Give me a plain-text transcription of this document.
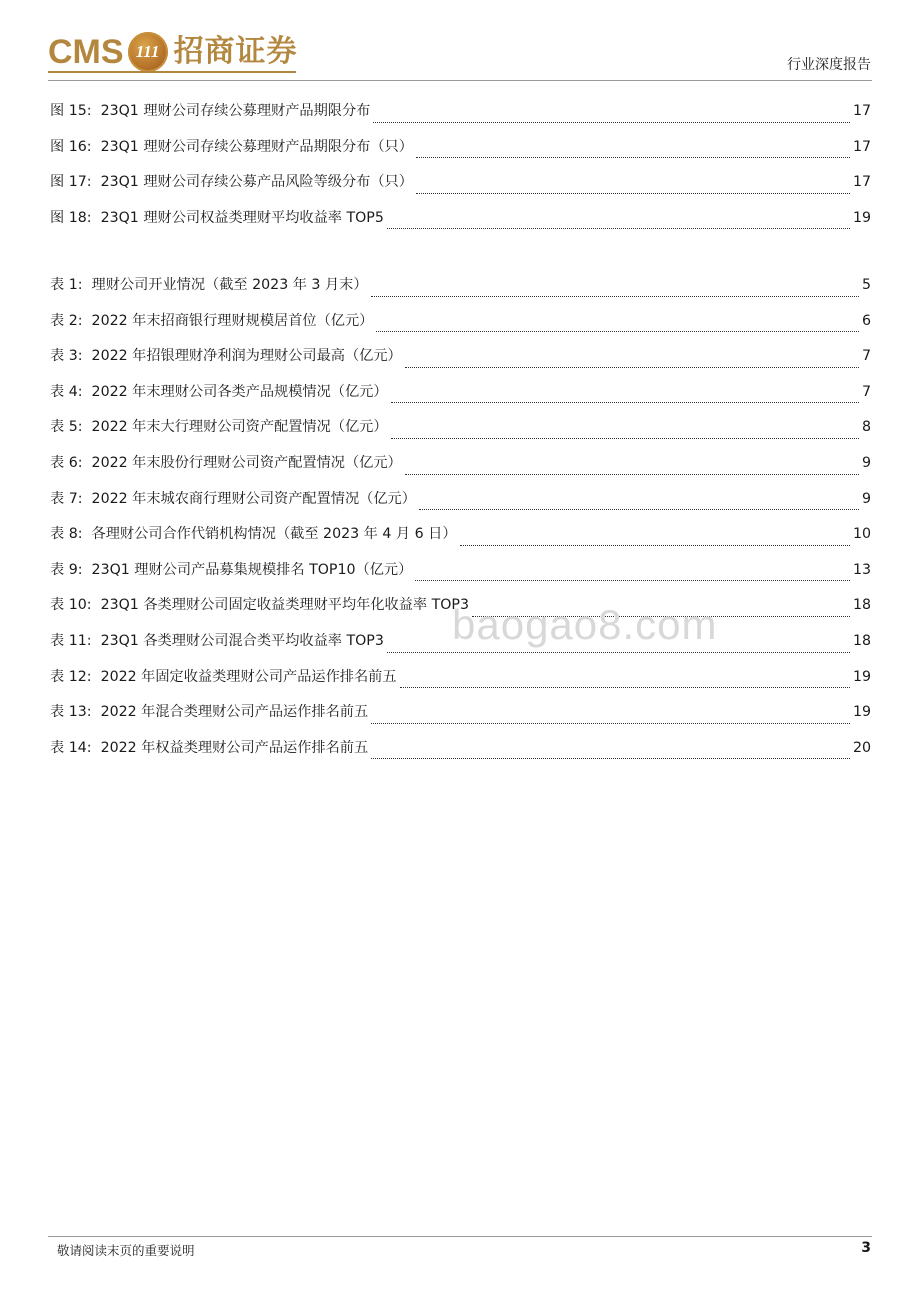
CMS 111 招商证券	行业深度报告
图 15:
23Q1 理财公司存续公募理财产品期限分布	17
图 16:
23Q1 理财公司存续公募理财产品期限分布（只）	17
图 17:
23Q1 理财公司存续公募产品风险等级分布（只）	17
图 18:
23Q1 理财公司权益类理财平均收益率 TOP5	19
表 1:
理财公司开业情况（截至 2023 年 3 月末）	5
表 2:
2022 年末招商银行理财规模居首位（亿元）	6
表 3:
2022 年招银理财净利润为理财公司最高（亿元）	7
表 4:
2022 年末理财公司各类产品规模情况（亿元）	7
表 5:
2022 年末大行理财公司资产配置情况（亿元）	8
表 6:
2022 年末股份行理财公司资产配置情况（亿元）	9
表 7:
2022 年末城农商行理财公司资产配置情况（亿元）	9
表 8:
各理财公司合作代销机构情况（截至 2023 年 4 月 6 日）	10
表 9:
23Q1 理财公司产品募集规模排名 TOP10（亿元）	13
表 10:
23Q1 各类理财公司固定收益类理财平均年化收益率 TOP3	18
表 11:
23Q1 各类理财公司混合类平均收益率 TOP3	18
表 12:
2022 年固定收益类理财公司产品运作排名前五	19
表 13:
2022 年混合类理财公司产品运作排名前五	19
表 14:
2022 年权益类理财公司产品运作排名前五	20
baogao8.com
敬请阅读末页的重要说明	3
